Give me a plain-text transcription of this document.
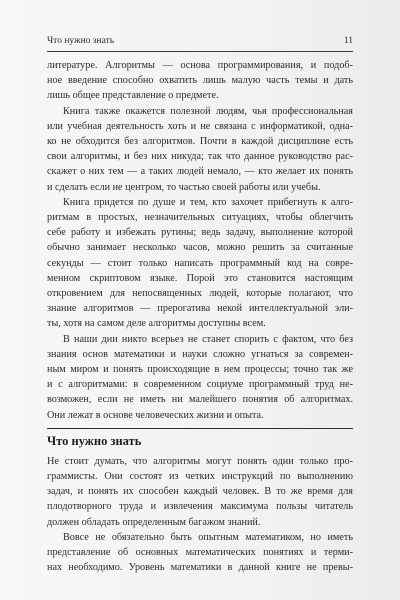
Что нужно знать	11
литературе. Алгоритмы — основа программирования, и подоб-
ное введение способно охватить лишь малую часть темы и дать
лишь общее представление о предмете.
Книга также окажется полезной людям, чья профессиональная
или учебная деятельность хоть и не связана с информатикой, одна-
ко не обходится без алгоритмов. Почти в каждой дисциплине есть
свои алгоритмы, и без них никуда; так что данное руководство рас-
скажет о них тем — а таких людей немало, — кто желает их понять
и сделать если не центром, то частью своей работы или учебы.
Книга придется по душе и тем, кто захочет прибегнуть к алго-
ритмам в простых, незначительных ситуациях, чтобы облегчить
себе работу и избежать рутины; ведь задачу, выполнение которой
обычно занимает несколько часов, можно решить за считанные
секунды — стоит только написать программный код на совре-
менном скриптовом языке. Порой это становится настоящим
откровением для непосвященных людей, которые полагают, что
знание алгоритмов — прерогатива некой интеллектуальной эли-
ты, хотя на самом деле алгоритмы доступны всем.
В наши дни никто всерьез не станет спорить с фактом, что без
знания основ математики и науки сложно угнаться за современ-
ным миром и понять происходящие в нем процессы; точно так же
и с алгоритмами: в современном социуме программный труд не-
возможен, если не иметь ни малейшего понятия об алгоритмах.
Они лежат в основе человеческих жизни и опыта.
Что нужно знать
Не стоит думать, что алгоритмы могут понять одни только про-
граммисты. Они состоят из четких инструкций по выполнению
задач, и понять их способен каждый человек. В то же время для
плодотворного труда и извлечения максимума пользы читатель
должен обладать определенным багажом знаний.
Вовсе не обязательно быть опытным математиком, но иметь
представление об основных математических понятиях и терми-
нах необходимо. Уровень математики в данной книге не превы-
